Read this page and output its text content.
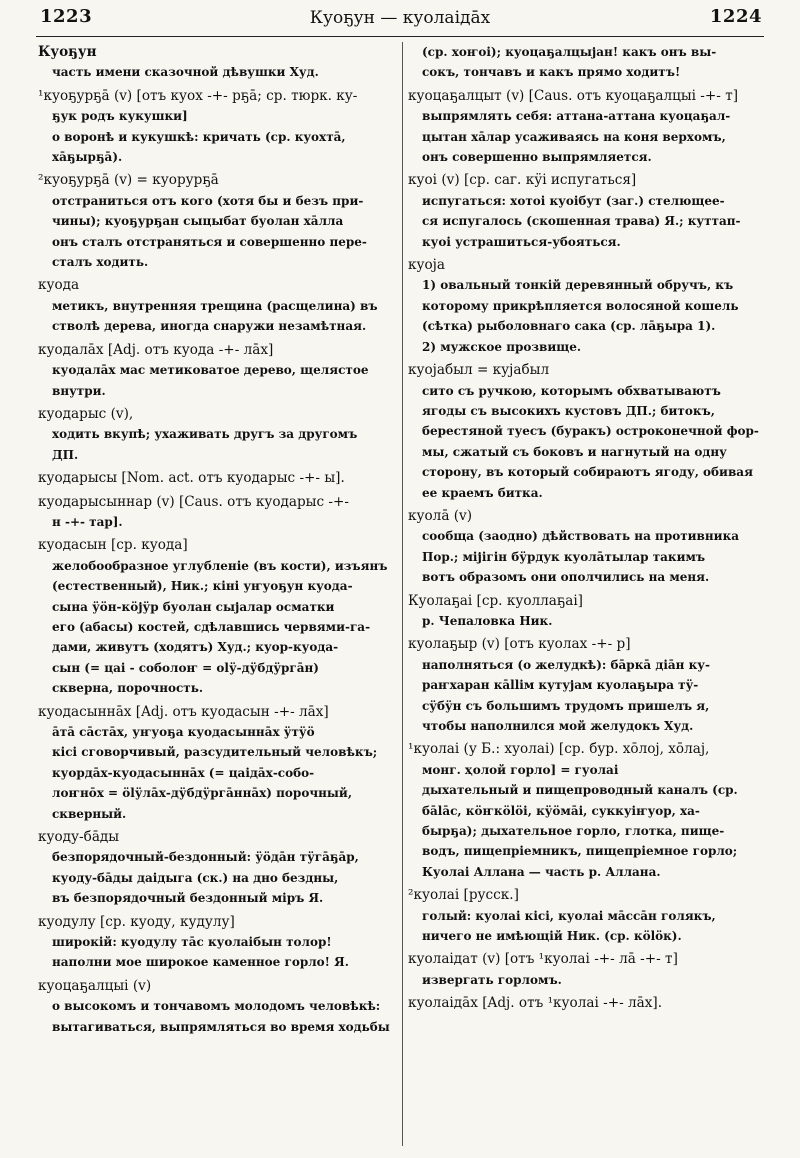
1223	Куоҕун — куолаiдāх	1224
Куоҕун

часть имени сказочной дѣвушки Худ.

¹куоҕурҕā (v) [отъ куох -+- рҕā; ср. тюрк. ку-

ҕук родъ кукушки]

о воронѣ и кукушкѣ: кричать (ср. куохтā,

хāҕырҕā).

²куоҕурҕā (v) = куорурҕā

отстраниться отъ кого (хотя бы и безъ при-

чины); куоҕурҕан сыцыбат буолан хāлла

онъ сталъ отстраняться и совершенно пере-

сталъ ходить.

куода

метикъ, внутренняя трещина (расщелина) въ

стволѣ дерева, иногда снаружи незамѣтная.

куодалāх [Adj. отъ куода -+- лāх]

куодалāх мас метиковатое дерево, щелястое

внутри.

куодарыс (v),

ходить вкупѣ; ухаживать другъ за другомъ

ДП.

куодарысы [Nom. act. отъ куодарыс -+- ы].
куодарысыннар (v) [Caus. отъ куодарыс -+-

н -+- тар].

куодасын [ср. куода]

желобообразное углубленiе (въ кости), изъянъ

(естественный), Ник.; кiнi уҥуоҕун куода-

сына ӱöн-кöјӱр буолан сыјалар осматки

его (абасы) костей, сдѣлавшись червями-га-

дами, живутъ (ходятъ) Худ.; куор-куода-

сын (= цаi - соболоҥ = оlӱ-дӱбдӱргāн)

скверна, порочность.

куодасыннāх [Adj. отъ куодасын -+- лāх]

āтā сāстāх, уҥуоҕа куодасыннāх ӱтӱö

кiсi сговорчивый, разсудительный человѣкъ;

куордāх-куодасыннāх (= цаiдāх-собо-

лоҥнōх = ölӱлāх-дӱбдӱргāннāх) порочный,

скверный.

куоду-бāды

безпорядочный-бездонный: ӱöдāн тӱгāҕāр,

куоду-бāды даiдыга (ск.) на дно бездны,

въ безпорядочный бездонный мiръ Я.

куодулу [ср. куоду, кудулу]

широкiй: куодулу тāс куолаiбын толор!

наполни мое широкое каменное горло! Я.

куоцаҕалцыi (v)

о высокомъ и тончавомъ молодомъ человѣкѣ:

вытагиваться, выпрямляться во время ходьбы

(ср. хоҥоi); куоцаҕалцыјан! какъ онъ вы-

сокъ, тончавъ и какъ прямо ходитъ!

куоцаҕалцыт (v) [Caus. отъ куоцаҕалцыi -+- т]

выпрямлять себя: аттана-аттана куоцаҕал-

цытан хāлар усаживаясь на коня верхомъ,

онъ совершенно выпрямляется.

куоi (v) [ср. саг. кӱi испугаться]

испугаться: хотоi куоiбут (заг.) стелющее-

ся испугалось (скошенная трава) Я.; куттап-

куоi устрашиться-убояться.

куоја

1) овальный тонкiй деревянный обручъ, къ

которому прикрѣпляется волосяной кошель

(сѣтка) рыболовнаго сака (ср. лāҕыра 1).

2) мужское прозвище.

куојабыл = кујабыл

сито съ ручкою, которымъ обхватываютъ

ягоды съ высокихъ кустовъ ДП.; битокъ,

берестяной туесъ (буракъ) остроконечной фор-

мы, сжатый съ боковъ и нагнутый на одну

сторону, въ который собираютъ ягоду, обивая

ее краемъ битка.

куолā (v)

сообща (заодно) дѣйствовать на противника

Пор.; мiјiгiн бӱрдук куолāтылар такимъ

вотъ образомъ они ополчились на меня.

Куолаҕаi [ср. куоллаҕаi]

р. Чепаловка Ник.

куолаҕыр (v) [отъ куолах -+- р]

наполняться (о желудкѣ): бāркā дiāн ку-

раҥхаран кālliм кутујам куолаҕыра тӱ-

сӱбӱн съ большимъ трудомъ пришелъ я,

чтобы наполнился мой желудокъ Худ.

¹куолаi (у Б.: хуолаi) [ср. бур. хōлој, хōлај,

монг. ҳолой горло] = гуолаi

дыхательный и пищепроводный каналъ (ср.

бālāс, кöҥкölöi, кӱöмāi, суккуiҥуор, ха-

бырҕа); дыхательное горло, глотка, пище-

водъ, пищепрiемникъ, пищепрiемное горло;

Куолаi Аллана — часть р. Аллана.

²куолаi [русск.]

голый: куолаi кiсi, куолаi мāссāн голякъ,

ничего не имѣющiй Ник. (ср. кölöк).

куолаiдат (v) [отъ ¹куолаi -+- лā -+- т]

извергать горломъ.

куолаiдāх [Adj. отъ ¹куолаi -+- лāх].
